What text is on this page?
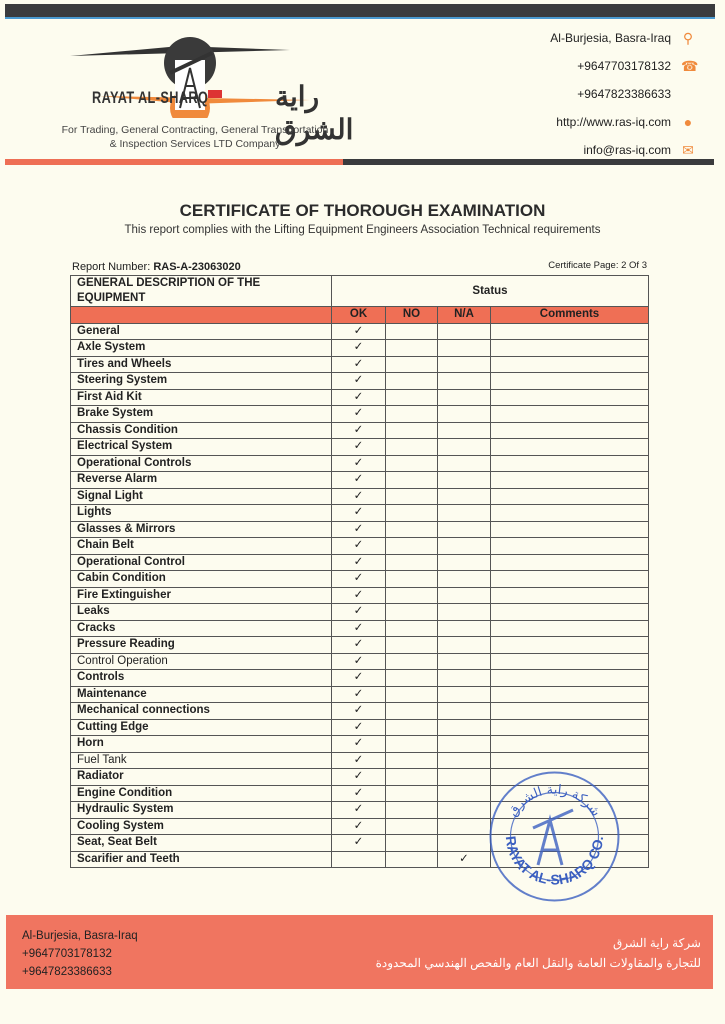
RAYAT AL-SHARQ راية الشرق
For Trading, General Contracting, General Transportation
& Inspection Services LTD Company
Al-Burjesia, Basra-Iraq ⚲
+9647703178132 ☎
+9647823386633
http://www.ras-iq.com ●
info@ras-iq.com ✉
CERTIFICATE OF THOROUGH EXAMINATION
This report complies with the Lifting Equipment Engineers Association Technical requirements
Report Number: RAS-A-23063020	Certificate Page: 2 Of 3
GENERAL DESCRIPTION OF THE EQUIPMENT	Status			
	OK	NO	N/A	Comments
General	✓			
Axle System	✓			
Tires and Wheels	✓			
Steering System	✓			
First Aid Kit	✓			
Brake System	✓			
Chassis Condition	✓			
Electrical System	✓			
Operational Controls	✓			
Reverse Alarm	✓			
Signal Light	✓			
Lights	✓			
Glasses & Mirrors	✓			
Chain Belt	✓			
Operational Control	✓			
Cabin Condition	✓			
Fire Extinguisher	✓			
Leaks	✓			
Cracks	✓			
Pressure Reading	✓			
Control Operation	✓			
Controls	✓			
Maintenance	✓			
Mechanical connections	✓			
Cutting Edge	✓			
Horn	✓			
Fuel Tank	✓			
Radiator	✓			
Engine Condition	✓			
Hydraulic System	✓			
Cooling System	✓			
Seat, Seat Belt	✓			
Scarifier and Teeth			✓	
RAYAT AL-SHARQ CO.
شركة راية الشرق
Al-Burjesia, Basra-Iraq
+9647703178132
+9647823386633
شركة راية الشرق
للتجارة والمقاولات العامة والنقل العام والفحص الهندسي المحدودة
